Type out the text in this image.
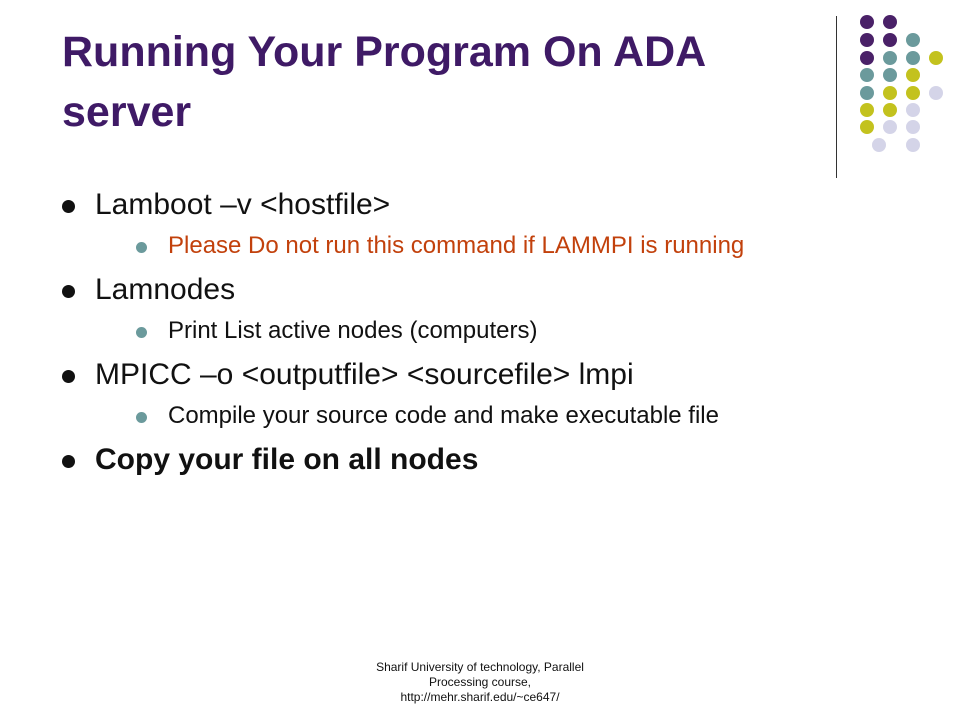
Running Your Program On ADA server
Lamboot –v <hostfile>
Please Do not run this command if LAMMPI is running
Lamnodes
Print List active nodes (computers)
MPICC –o <outputfile> <sourcefile> lmpi
Compile your source code and make executable file
Copy your file on all nodes
Sharif University of technology, Parallel Processing course, http://mehr.sharif.edu/~ce647/
